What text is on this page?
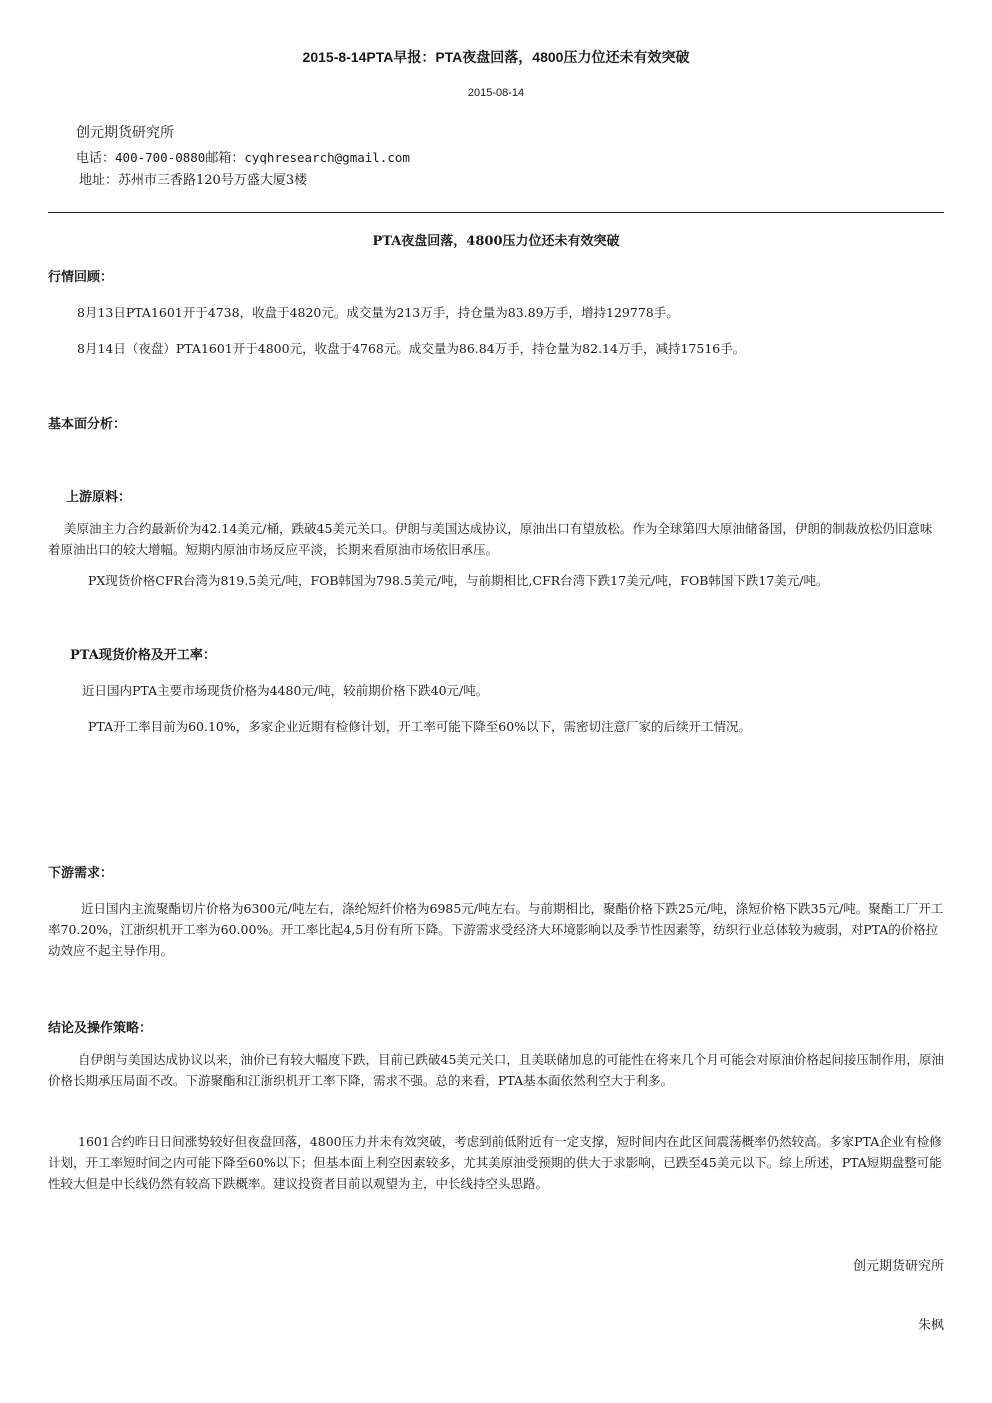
2015-8-14PTA早报：PTA夜盘回落，4800压力位还未有效突破
2015-08-14
创元期货研究所
电话：400-700-0880邮箱：cyqhresearch@gmail.com
地址：苏州市三香路120号万盛大厦3楼
PTA夜盘回落，4800压力位还未有效突破
行情回顾：
8月13日PTA1601开于4738，收盘于4820元。成交量为213万手，持仓量为83.89万手，增持129778手。
8月14日（夜盘）PTA1601开于4800元，收盘于4768元。成交量为86.84万手，持仓量为82.14万手，减持17516手。
基本面分析：
上游原料：

美原油主力合约最新价为42.14美元/桶，跌破45美元关口。伊朗与美国达成协议，原油出口有望放松。作为全球第四大原油储备国，伊朗的制裁放松仍旧意味着原油出口的较大增幅。短期内原油市场反应平淡，长期来看原油市场依旧承压。

PX现货价格CFR台湾为819.5美元/吨，FOB韩国为798.5美元/吨，与前期相比,CFR台湾下跌17美元/吨，FOB韩国下跌17美元/吨。
PTA现货价格及开工率：
近日国内PTA主要市场现货价格为4480元/吨，较前期价格下跌40元/吨。
PTA开工率目前为60.10%，多家企业近期有检修计划，开工率可能下降至60%以下，需密切注意厂家的后续开工情况。
下游需求：

近日国内主流聚酯切片价格为6300元/吨左右，涤纶短纤价格为6985元/吨左右。与前期相比，聚酯价格下跌25元/吨，涤短价格下跌35元/吨。聚酯工厂开工率70.20%，江浙织机开工率为60.00%。开工率比起4,5月份有所下降。下游需求受经济大环境影响以及季节性因素等，纺织行业总体较为疲弱，对PTA的价格拉动效应不起主导作用。

结论及操作策略：

自伊朗与美国达成协议以来，油价已有较大幅度下跌，目前已跌破45美元关口，且美联储加息的可能性在将来几个月可能会对原油价格起间接压制作用，原油价格长期承压局面不改。下游聚酯和江浙织机开工率下降，需求不强。总的来看，PTA基本面依然利空大于利多。

1601合约昨日日间涨势较好但夜盘回落，4800压力并未有效突破，考虑到前低附近有一定支撑，短时间内在此区间震荡概率仍然较高。多家PTA企业有检修计划，开工率短时间之内可能下降至60%以下；但基本面上利空因素较多，尤其美原油受预期的供大于求影响，已跌至45美元以下。综上所述，PTA短期盘整可能性较大但是中长线仍然有较高下跌概率。建议投资者目前以观望为主，中长线持空头思路。

创元期货研究所
朱枫
